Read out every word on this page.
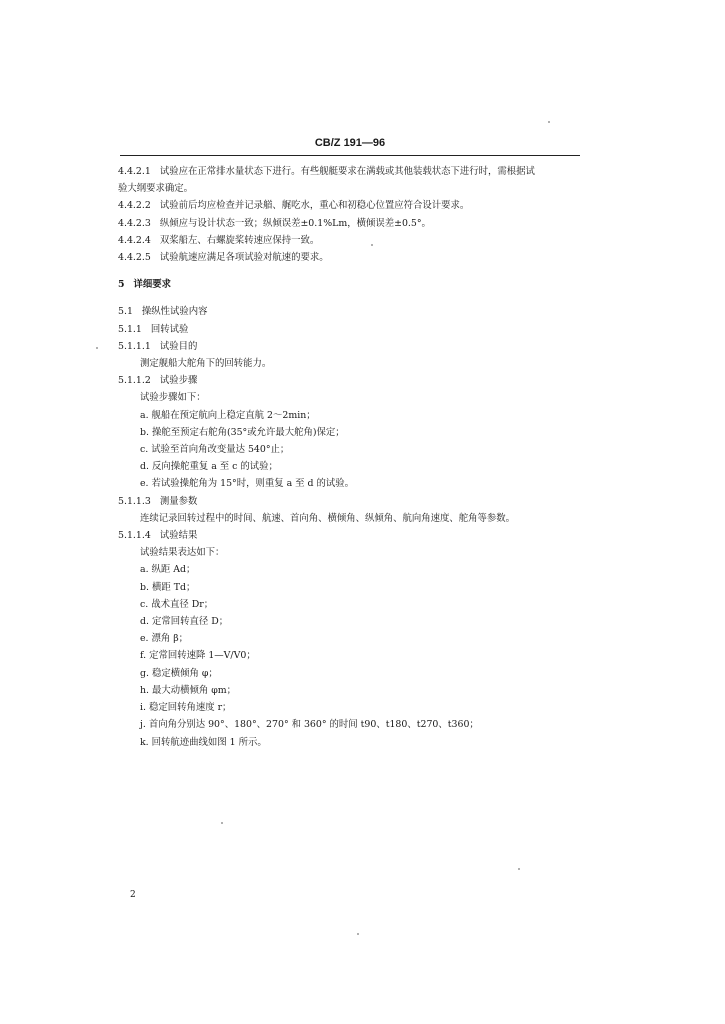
CB/Z 191—96
4.4.2.1 试验应在正常排水量状态下进行。有些舰艇要求在满载或其他装载状态下进行时，需根据试
验大纲要求确定。
4.4.2.2 试验前后均应检查并记录艏、艉吃水，重心和初稳心位置应符合设计要求。
4.4.2.3 纵倾应与设计状态一致；纵倾误差±0.1%Lm，横倾误差±0.5°。
4.4.2.4 双桨船左、右螺旋桨转速应保持一致。
4.4.2.5 试验航速应满足各项试验对航速的要求。
5 详细要求
5.1 操纵性试验内容
5.1.1 回转试验
5.1.1.1 试验目的
测定舰船大舵角下的回转能力。
5.1.1.2 试验步骤
试验步骤如下：
a. 舰船在预定航向上稳定直航 2～2min；
b. 操舵至预定右舵角(35°或允许最大舵角)保定；
c. 试验至首向角改变量达 540°止；
d. 反向操舵重复 a 至 c 的试验；
e. 若试验操舵角为 15°时，则重复 a 至 d 的试验。
5.1.1.3 测量参数
连续记录回转过程中的时间、航速、首向角、横倾角、纵倾角、航向角速度、舵角等参数。
5.1.1.4 试验结果
试验结果表达如下：
a. 纵距 Ad；
b. 横距 Td；
c. 战术直径 Dr；
d. 定常回转直径 D；
e. 漂角 β；
f. 定常回转速降 1—V/V0；
g. 稳定横倾角 φ；
h. 最大动横倾角 φm；
i. 稳定回转角速度 r；
j. 首向角分别达 90°、180°、270° 和 360° 的时间 t90、t180、t270、t360；
k. 回转航迹曲线如图 1 所示。
2
